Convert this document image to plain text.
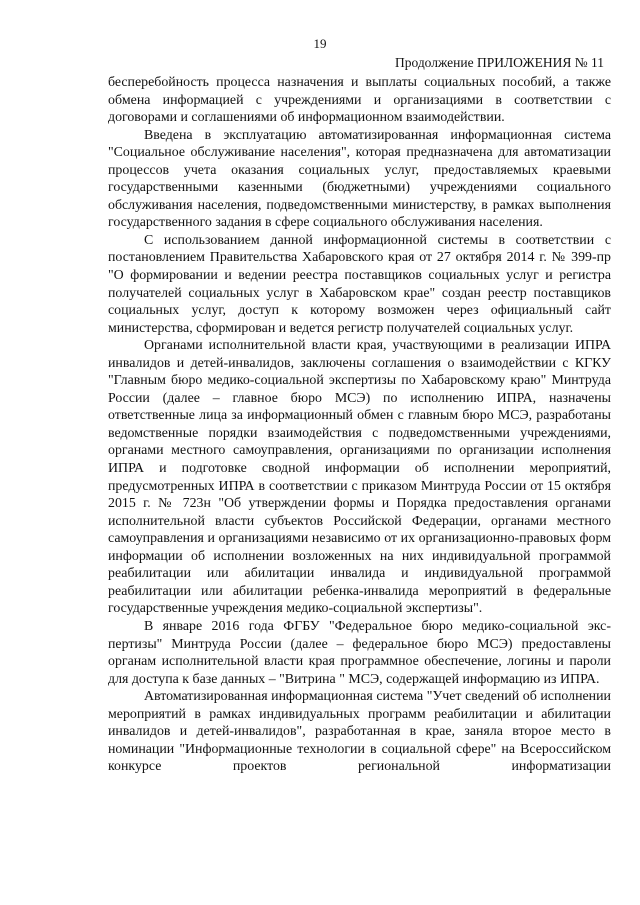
19
Продолжение ПРИЛОЖЕНИЯ № 11

бесперебойность процесса назначения и выплаты социальных пособий, а также обмена информацией с учреждениями и организациями в соответствии с договорами и соглашениями об информационном взаимодействии.

Введена в эксплуатацию автоматизированная информационная система "Социальное обслуживание населения", которая предназначена для автоматизации процессов учета оказания социальных услуг, предоставляемых краевыми государственными казенными (бюджетными) учреждениями социального обслуживания населения, подведомственными министерству, в рамках выполнения государственного задания в сфере социального обслуживания населения.

С использованием данной информационной системы в соответствии с постановлением Правительства Хабаровского края от 27 октября 2014 г. № 399-пр "О формировании и ведении реестра поставщиков социальных услуг и регистра получателей социальных услуг в Хабаровском крае" создан реестр поставщиков социальных услуг, доступ к которому возможен через официальный сайт министерства, сформирован и ведется регистр получателей социальных услуг.

Органами исполнительной власти края, участвующими в реализации ИПРА инвалидов и детей-инвалидов, заключены соглашения о взаимодействии с КГКУ "Главным бюро медико-социальной экспертизы по Хабаровскому краю" Минтруда России (далее – главное бюро МСЭ) по исполнению ИПРА, назначены ответственные лица за информационный обмен с главным бюро МСЭ, разработаны ведомственные порядки взаимодействия с подведомственными учреждениями, органами местного самоуправления, организациями по организации исполнения ИПРА и подготовке сводной информации об исполнении мероприятий, предусмотренных ИПРА в соответствии с приказом Минтруда России от 15 октября 2015 г. № 723н "Об утверждении формы и Порядка предоставления органами исполнительной власти субъектов Российской Федерации, органами местного самоуправления и организациями независимо от их организационно-правовых форм информации об исполнении возложенных на них индивидуальной программой реабилитации или абилитации инвалида и индивидуальной программой реабилитации или абилитации ребенка-инвалида мероприятий в федеральные государственные учреждения медико-социальной экспертизы".

В январе 2016 года ФГБУ "Федеральное бюро медико-социальной экспертизы" Минтруда России (далее – федеральное бюро МСЭ) предоставлены органам исполнительной власти края программное обеспечение, логины и пароли для доступа к базе данных – "Витрина " МСЭ, содержащей информацию из ИПРА.

Автоматизированная информационная система "Учет сведений об исполнении мероприятий в рамках индивидуальных программ реабилитации и абилитации инвалидов и детей-инвалидов", разработанная в крае, заняла второе место в номинации "Информационные технологии в социальной сфере" на Всероссийском конкурсе проектов региональной информатизации
